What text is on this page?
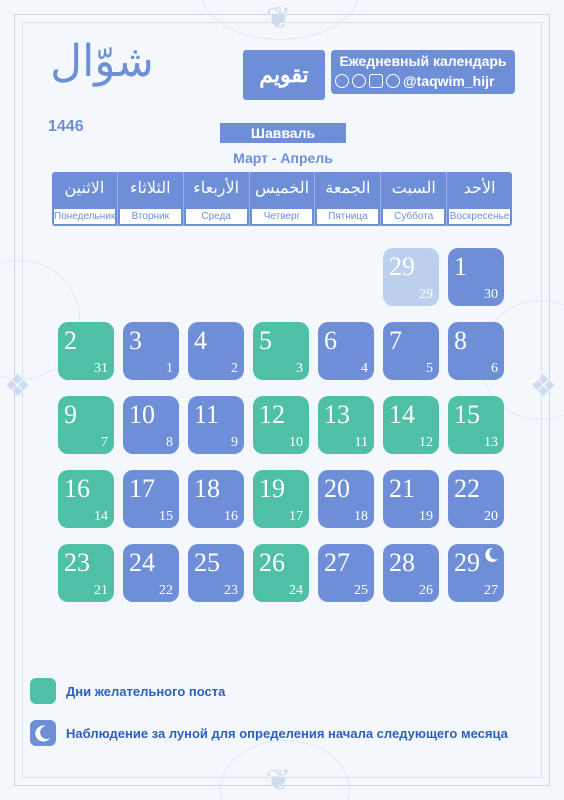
❦
❦
❖	❖
شوّال
1446
تقويم
Ежедневный календарь
@taqwim_hijr
Шавваль
Март - Апрель
الاثنين
Понедельник
الثلاثاء
Вторник
الأربعاء
Среда
الخميس
Четверг
الجمعة
Пятница
السبت
Суббота
الأحد
Воскресенье
29
29
1
30
2
31
3
1
4
2
5
3
6
4
7
5
8
6
9
7
10
8
11
9
12
10
13
11
14
12
15
13
16
14
17
15
18
16
19
17
20
18
21
19
22
20
23
21
24
22
25
23
26
24
27
25
28
26
29
27
Дни желательного поста
Наблюдение за луной для определения начала следующего месяца
